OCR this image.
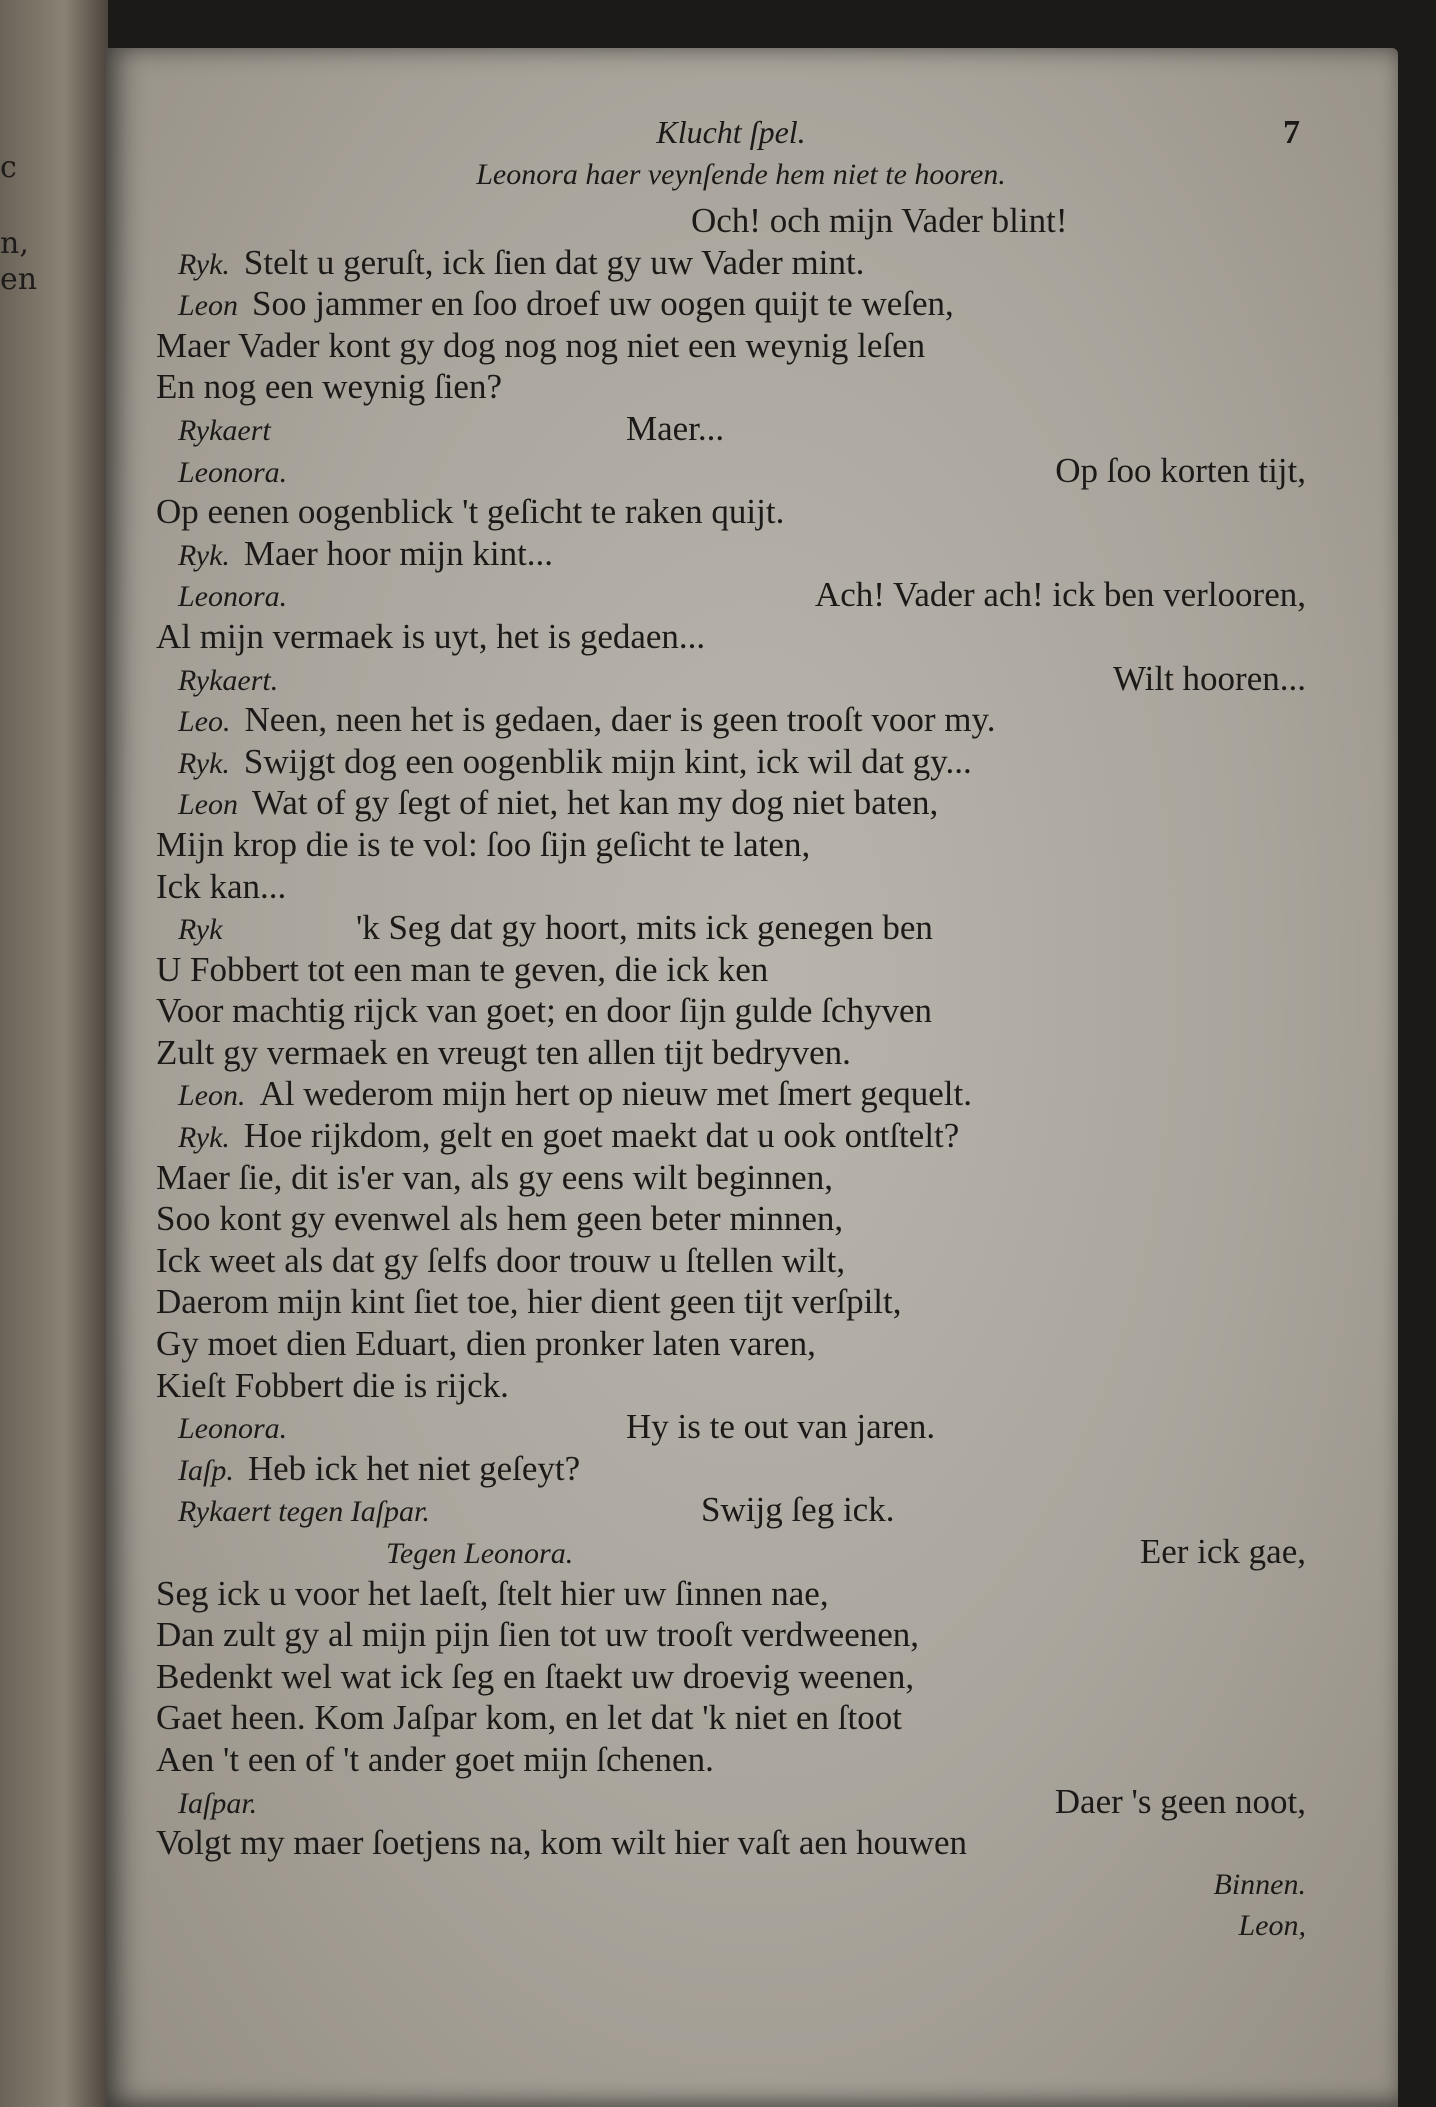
c
n,
en
Klucht ſpel.	7
Leonora haer veynſende hem niet te hooren.
Och! och mijn Vader blint!
Ryk. Stelt u geruſt, ick ſien dat gy uw Vader mint.
Leon Soo jammer en ſoo droef uw oogen quijt te weſen,
Maer Vader kont gy dog nog nog niet een weynig leſen
En nog een weynig ſien?
Rykaert	Maer...
Leonora.	Op ſoo korten tijt,
Op eenen oogenblick 't geſicht te raken quijt.
Ryk. Maer hoor mijn kint...
Leonora.	Ach! Vader ach! ick ben verlooren,
Al mijn vermaek is uyt, het is gedaen...
Rykaert.	Wilt hooren...
Leo. Neen, neen het is gedaen, daer is geen trooſt voor my.
Ryk. Swijgt dog een oogenblik mijn kint, ick wil dat gy...
Leon Wat of gy ſegt of niet, het kan my dog niet baten,
Mijn krop die is te vol: ſoo ſijn geſicht te laten,
Ick kan...
Ryk	'k Seg dat gy hoort, mits ick genegen ben
U Fobbert tot een man te geven, die ick ken
Voor machtig rijck van goet; en door ſijn gulde ſchyven
Zult gy vermaek en vreugt ten allen tijt bedryven.
Leon. Al wederom mijn hert op nieuw met ſmert gequelt.
Ryk. Hoe rijkdom, gelt en goet maekt dat u ook ontſtelt?
Maer ſie, dit is'er van, als gy eens wilt beginnen,
Soo kont gy evenwel als hem geen beter minnen,
Ick weet als dat gy ſelfs door trouw u ſtellen wilt,
Daerom mijn kint ſiet toe, hier dient geen tijt verſpilt,
Gy moet dien Eduart, dien pronker laten varen,
Kieſt Fobbert die is rijck.
Leonora.	Hy is te out van jaren.
Iaſp. Heb ick het niet geſeyt?
Rykaert tegen Iaſpar.	Swijg ſeg ick.
Tegen Leonora.	Eer ick gae,
Seg ick u voor het laeſt, ſtelt hier uw ſinnen nae,
Dan zult gy al mijn pijn ſien tot uw trooſt verdweenen,
Bedenkt wel wat ick ſeg en ſtaekt uw droevig weenen,
Gaet heen. Kom Jaſpar kom, en let dat 'k niet en ſtoot
Aen 't een of 't ander goet mijn ſchenen.
Iaſpar.	Daer 's geen noot,
Volgt my maer ſoetjens na, kom wilt hier vaſt aen houwen
Binnen.
Leon,
